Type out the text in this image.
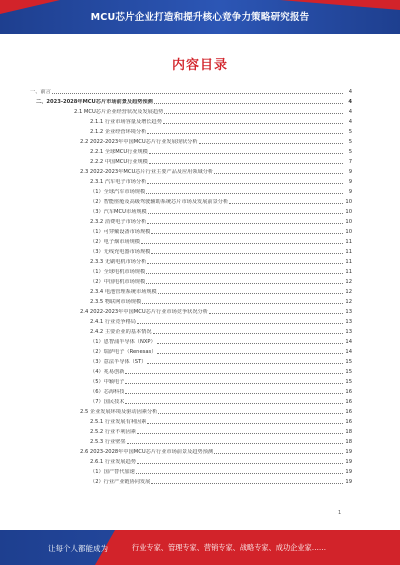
MCU芯片企业打造和提升核心竞争力策略研究报告
内容目录
一、前言	4
二、2023-2028年MCU芯片市场前景及趋势预测	4
2.1 MCU芯片企业经营状况及发展趋势	4
2.1.1 行业市场容量及增长趋势	4
2.1.2 企业经营环境分析	5
2.2 2022-2023年中国MCU芯片行业发展现状分析	5
2.2.1 全球MCU行业规模	5
2.2.2 中国MCU行业规模	7
2.3 2022-2023年MCU芯片行业主要产品及应用领域分析	9
2.3.1 汽车电子市场分析	9
（1）全球汽车市场规模	9
（2）智能座舱及高级驾驶辅助系统芯片市场及发展前景分析	10
（3）汽车MCU市场规模	10
2.3.2 消费电子市场分析	10
（1）可穿戴设备市场规模	10
（2）电子烟市场规模	11
（3）无线充电器市场规模	11
2.3.3 无刷电机市场分析	11
（1）全球电机市场规模	11
（2）中国电机市场规模	12
2.3.4 电池管理系统市场规模	12
2.3.5 物联网市场规模	12
2.4 2022-2023年中国MCU芯片行业市场竞争状况分析	13
2.4.1 行业竞争格局	13
2.4.2 主要企业的基本情况	13
（1）恩智浦半导体（NXP）	14
（2）瑞萨电子（Renesas）	14
（3）意法半导体（ST）	15
（4）兆易创新	15
（5）中颖电子	15
（6）芯海科技	16
（7）国民技术	16
2.5 企业发展环境及驱动因素分析	16
2.5.1 行业发展有利因素	16
2.5.2 行业不利因素	18
2.5.3 行业壁垒	18
2.6 2023-2028年中国MCU芯片行业市场前景及趋势预测	19
2.6.1 行业发展趋势	19
（1）国产替代加速	19
（2）行业产业链协同发展	19
1
让每个人都能成为	行业专家、管理专家、营销专家、战略专家、成功企业家……
